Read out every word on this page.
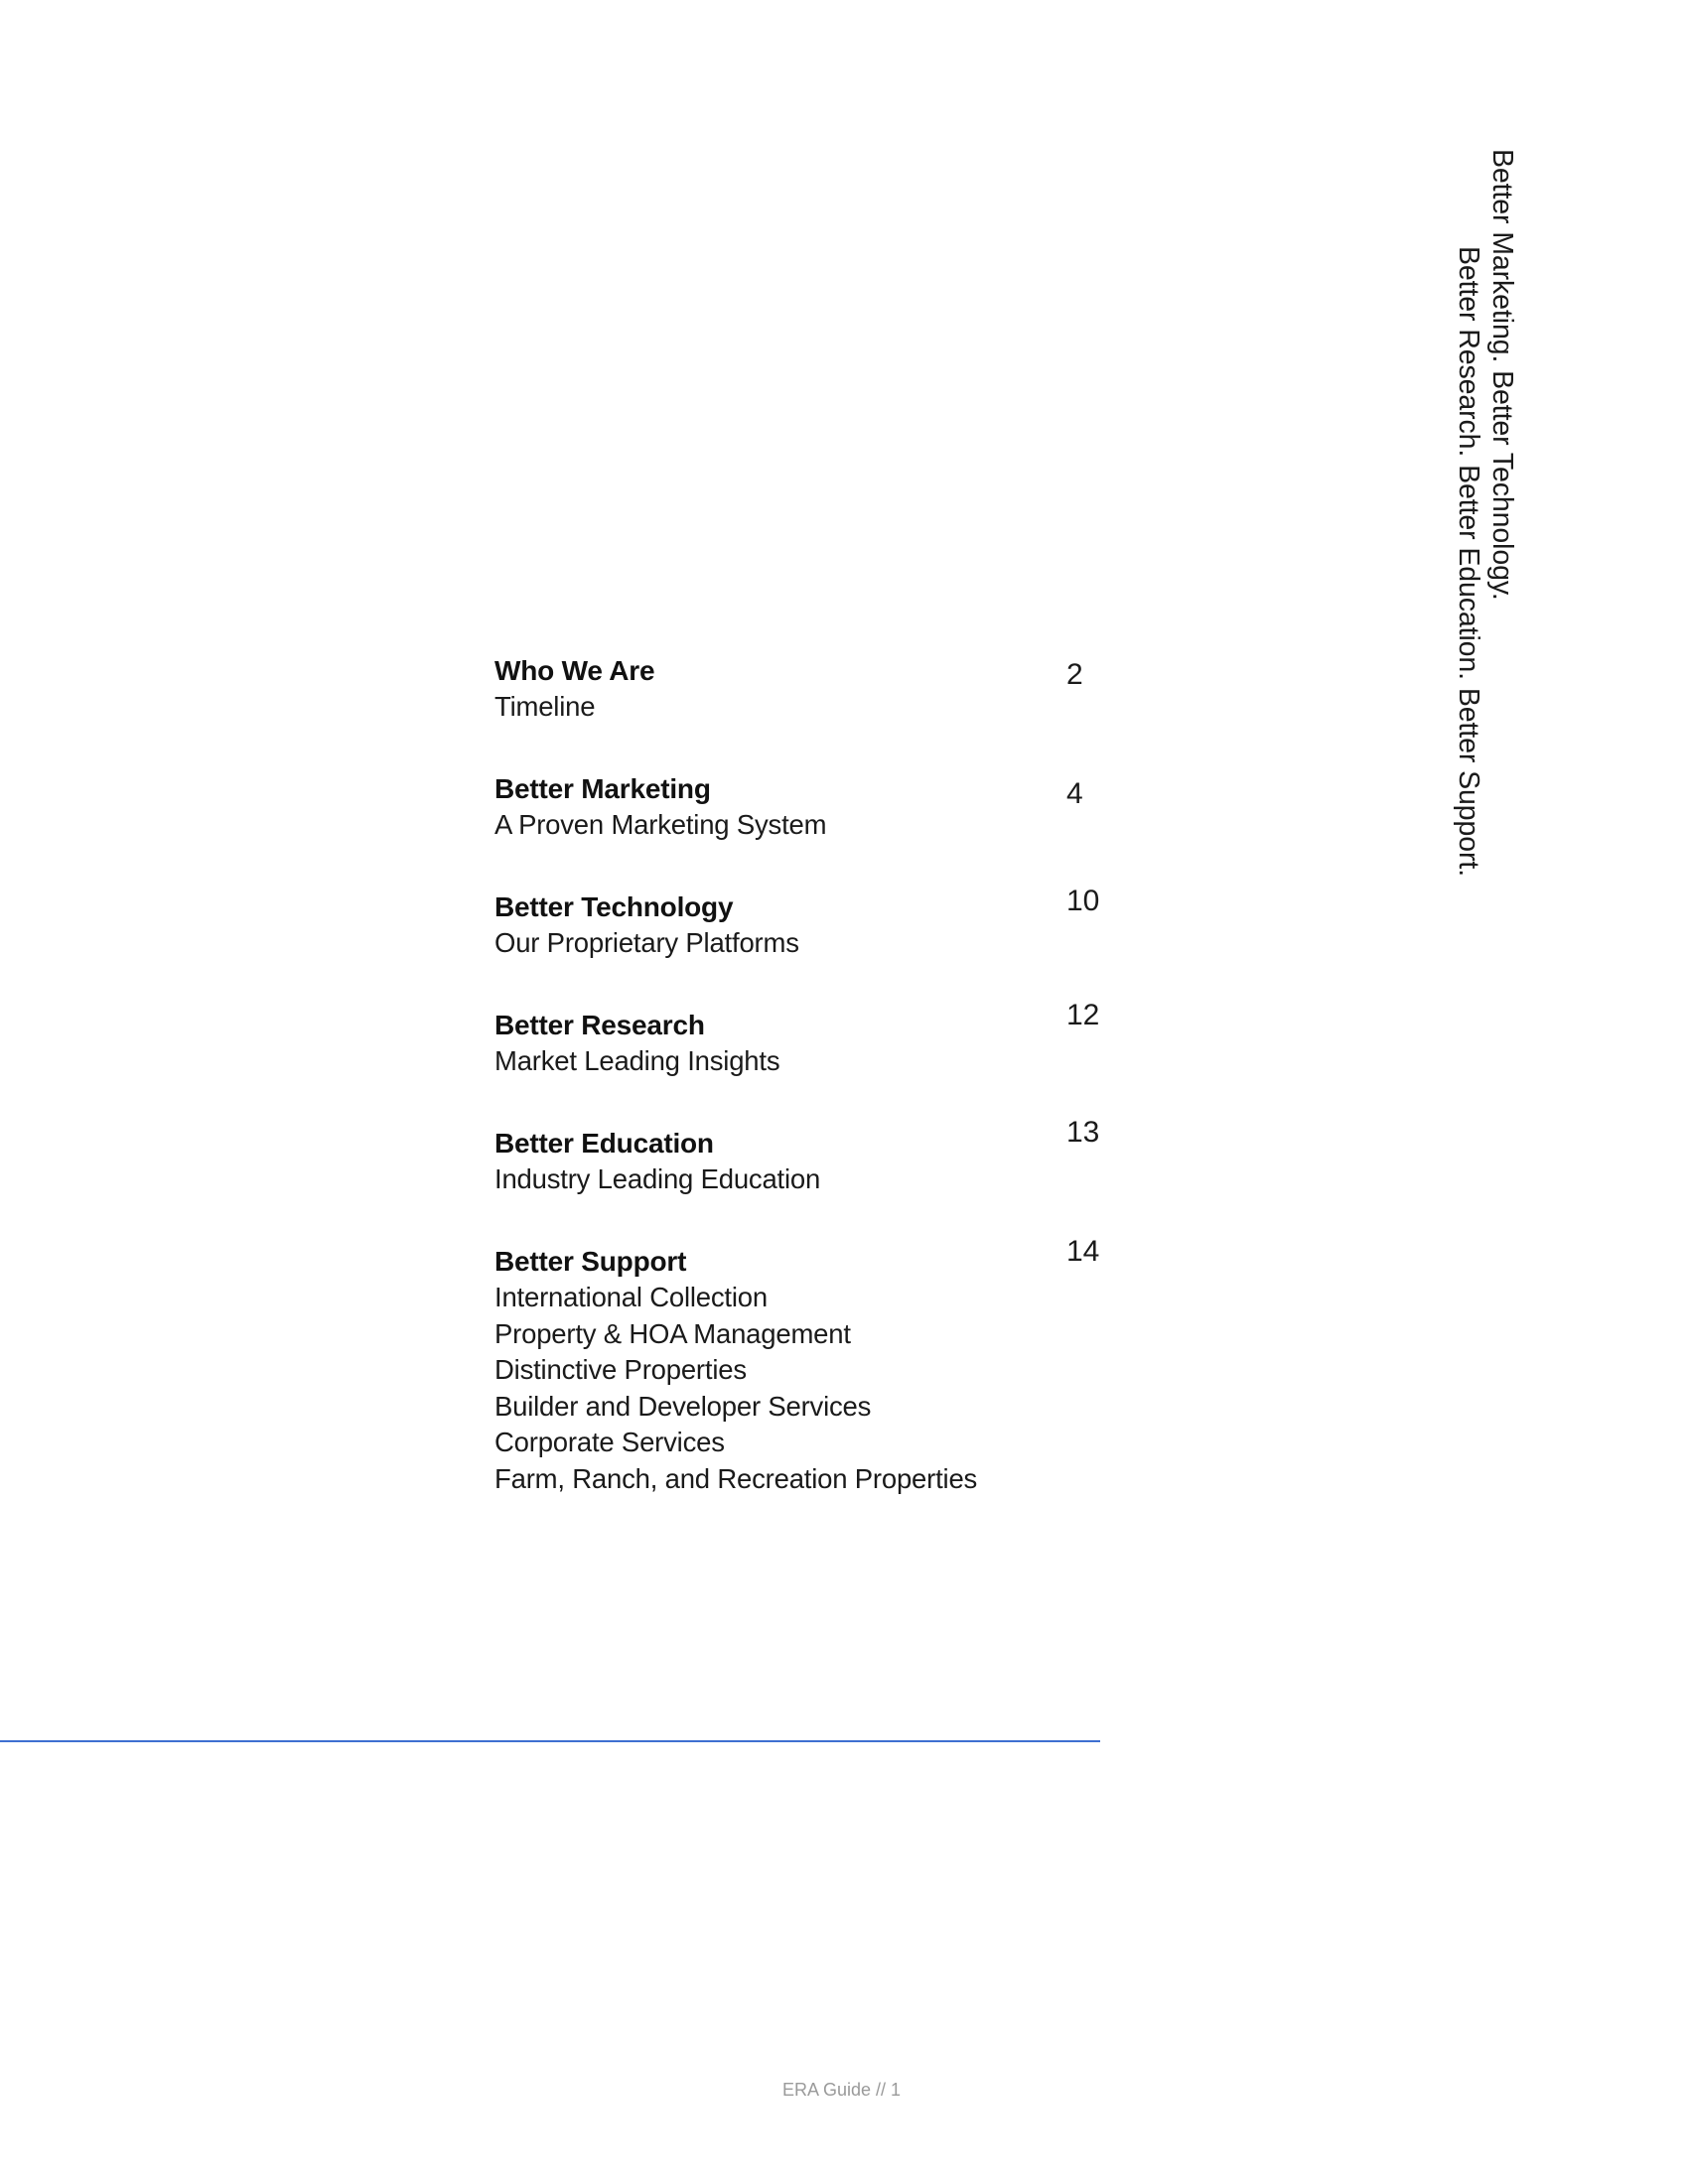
Better Marketing. Better Technology.
Better Research. Better Education. Better Support.
Who We Are
Timeline
2
Better Marketing
A Proven Marketing System
4
Better Technology
Our Proprietary Platforms
10
Better Research
Market Leading Insights
12
Better Education
Industry Leading Education
13
Better Support
International Collection
Property & HOA Management
Distinctive Properties
Builder and Developer Services
Corporate Services
Farm, Ranch, and Recreation Properties
14
ERA Guide // 1
